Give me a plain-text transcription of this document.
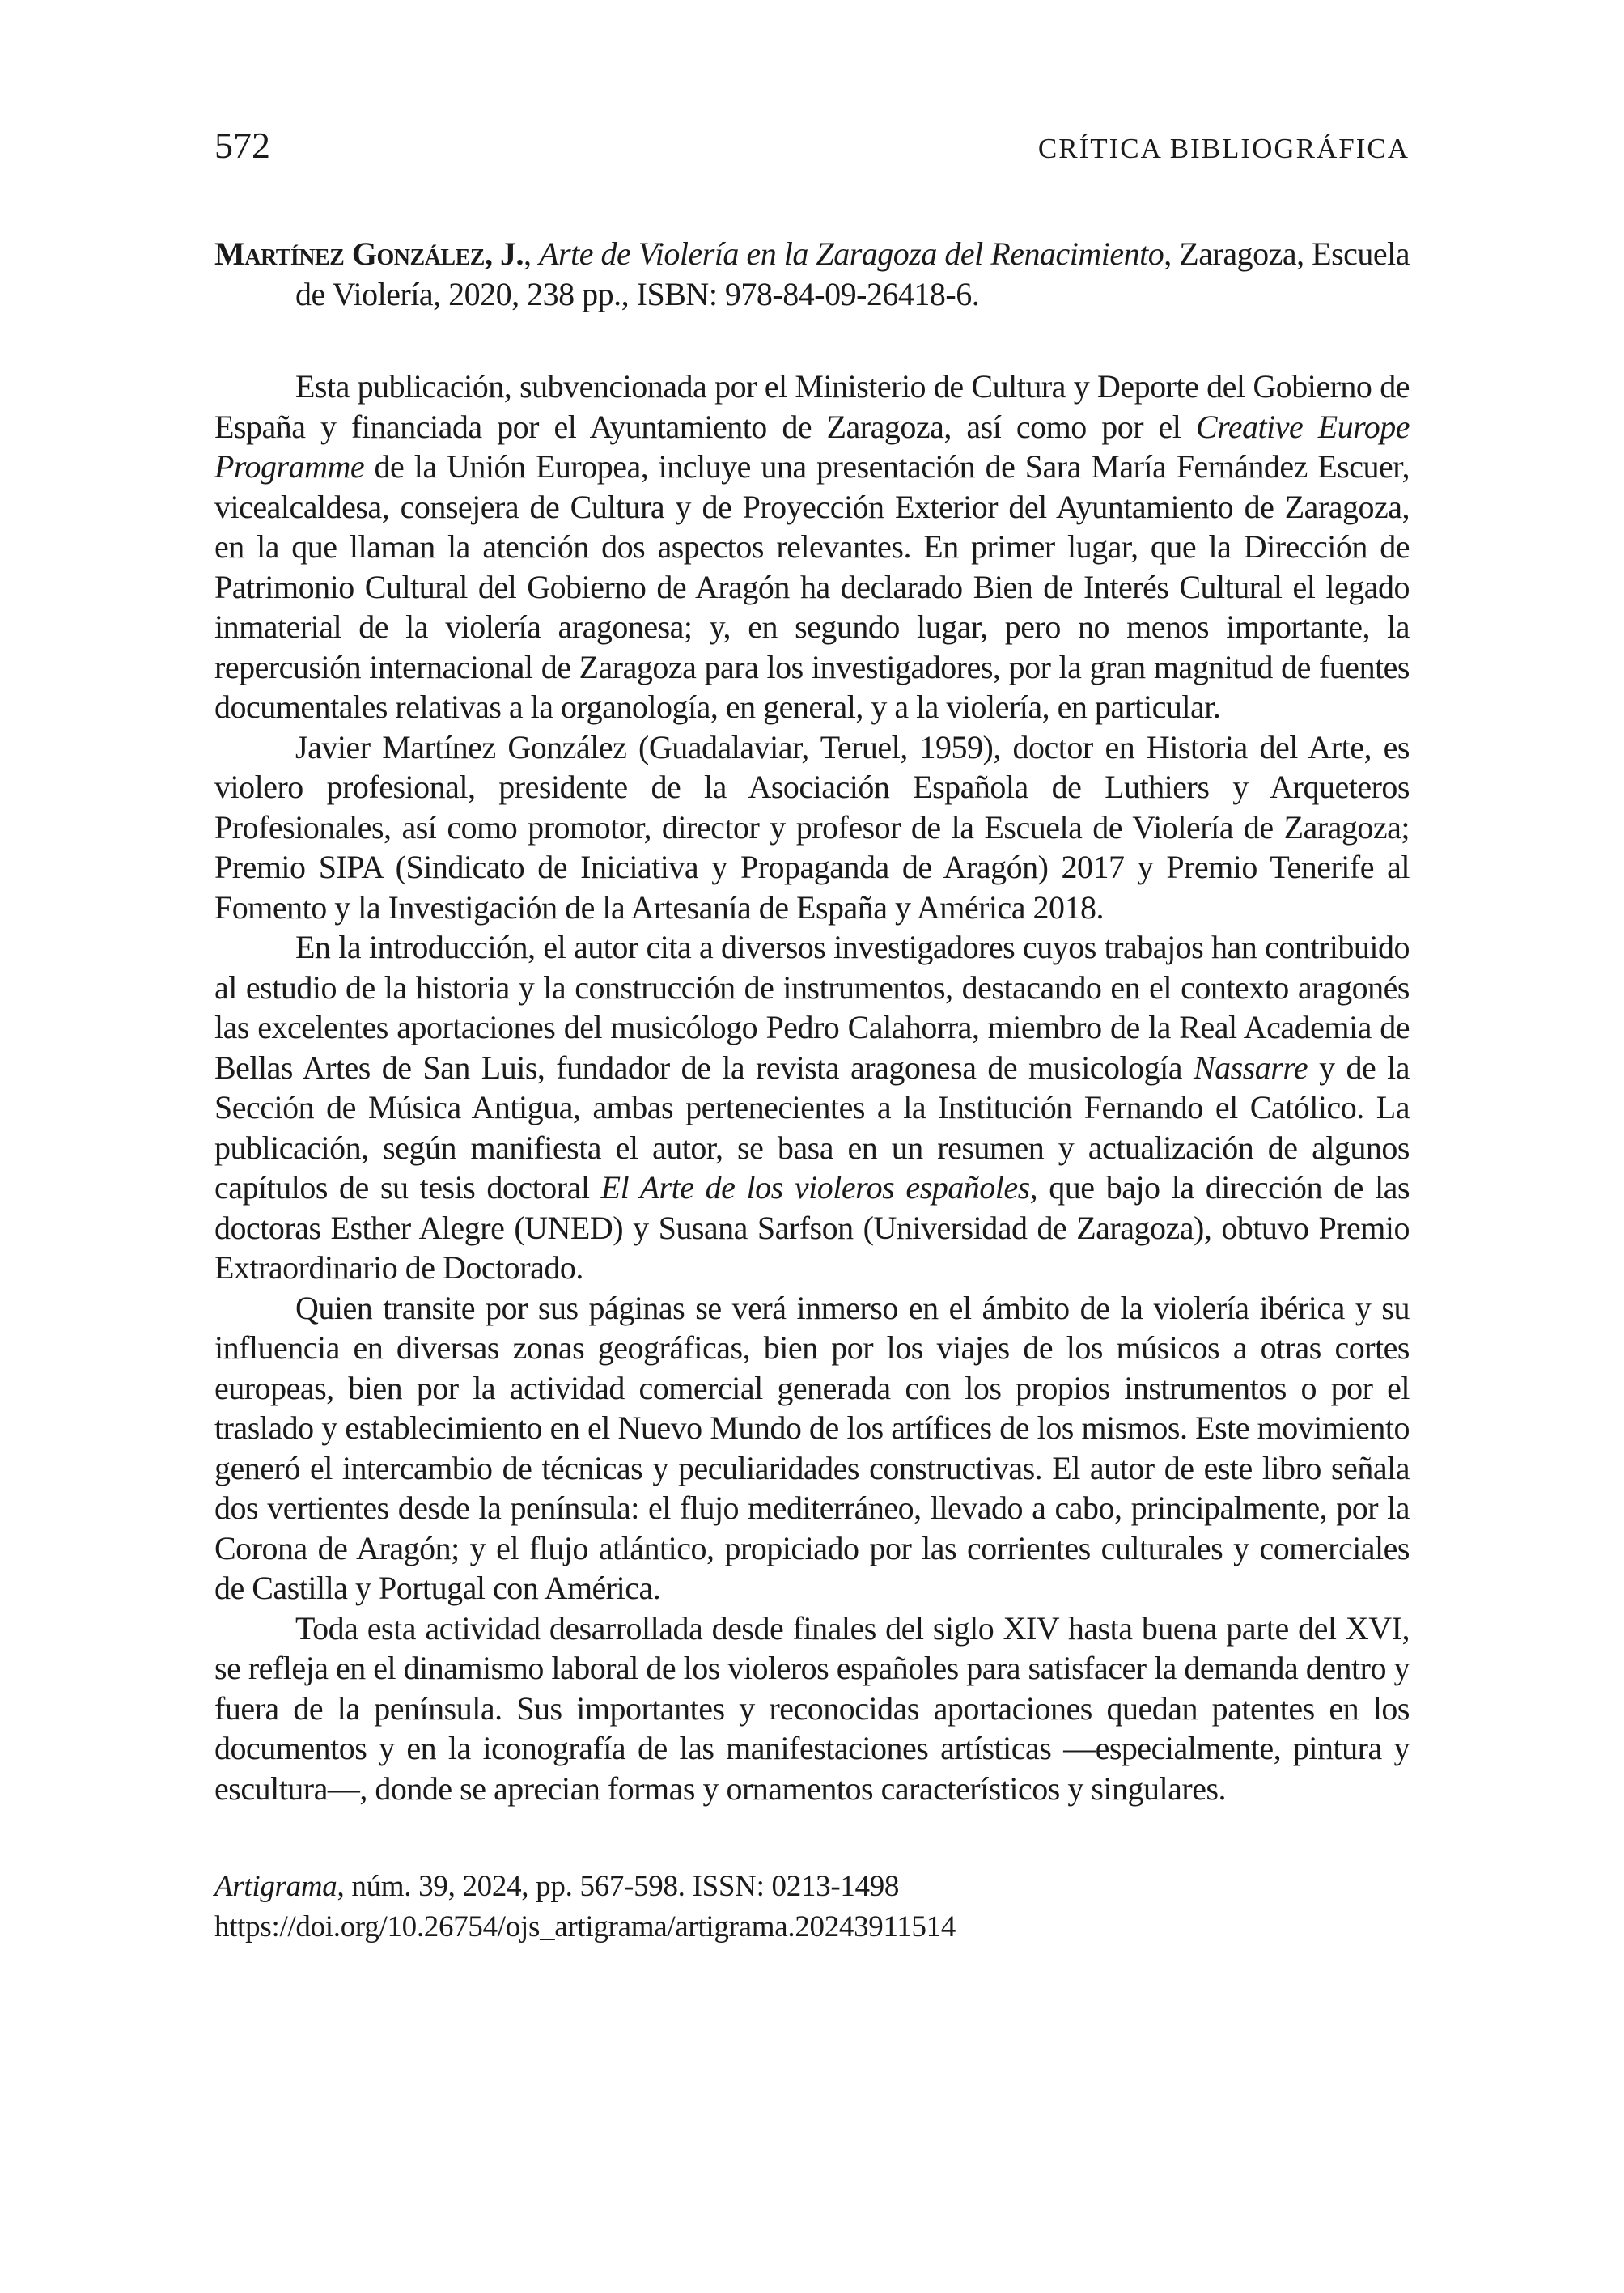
572	CRÍTICA BIBLIOGRÁFICA

Martínez González, J., Arte de Violería en la Zaragoza del Renacimiento, Zaragoza, Escuela de Violería, 2020, 238 pp., ISBN: 978-84-09-26418-6.

Esta publicación, subvencionada por el Ministerio de Cultura y Deporte del Gobierno de España y financiada por el Ayuntamiento de Zaragoza, así como por el Creative Europe Programme de la Unión Europea, incluye una presentación de Sara María Fernández Escuer, vicealcaldesa, consejera de Cultura y de Proyección Exterior del Ayuntamiento de Zaragoza, en la que llaman la atención dos aspectos relevantes. En primer lugar, que la Dirección de Patrimonio Cultural del Gobierno de Aragón ha declarado Bien de Interés Cultural el legado inmaterial de la violería aragonesa; y, en segundo lugar, pero no menos importante, la repercusión internacional de Zaragoza para los investigadores, por la gran magnitud de fuentes documentales relativas a la organología, en general, y a la violería, en particular.

Javier Martínez González (Guadalaviar, Teruel, 1959), doctor en Historia del Arte, es violero profesional, presidente de la Asociación Española de Luthiers y Arqueteros Profesionales, así como promotor, director y profesor de la Escuela de Violería de Zaragoza; Premio SIPA (Sindicato de Iniciativa y Propaganda de Aragón) 2017 y Premio Tenerife al Fomento y la Investigación de la Artesanía de España y América 2018.

En la introducción, el autor cita a diversos investigadores cuyos trabajos han contribuido al estudio de la historia y la construcción de instrumentos, destacando en el contexto aragonés las excelentes aportaciones del musicólogo Pedro Calahorra, miembro de la Real Academia de Bellas Artes de San Luis, fundador de la revista aragonesa de musicología Nassarre y de la Sección de Música Antigua, ambas pertenecientes a la Institución Fernando el Católico. La publicación, según manifiesta el autor, se basa en un resumen y actualización de algunos capítulos de su tesis doctoral El Arte de los violeros españoles, que bajo la dirección de las doctoras Esther Alegre (UNED) y Susana Sarfson (Universidad de Zaragoza), obtuvo Premio Extraordinario de Doctorado.

Quien transite por sus páginas se verá inmerso en el ámbito de la violería ibérica y su influencia en diversas zonas geográficas, bien por los viajes de los músicos a otras cortes europeas, bien por la actividad comercial generada con los propios instrumentos o por el traslado y establecimiento en el Nuevo Mundo de los artífices de los mismos. Este movimiento generó el intercambio de técnicas y peculiaridades constructivas. El autor de este libro señala dos vertientes desde la península: el flujo mediterráneo, llevado a cabo, principalmente, por la Corona de Aragón; y el flujo atlántico, propiciado por las corrientes culturales y comerciales de Castilla y Portugal con América.

Toda esta actividad desarrollada desde finales del siglo XIV hasta buena parte del XVI, se refleja en el dinamismo laboral de los violeros españoles para satisfacer la demanda dentro y fuera de la península. Sus importantes y reconocidas aportaciones quedan patentes en los documentos y en la iconografía de las manifestaciones artísticas —especialmente, pintura y escultura—, donde se aprecian formas y ornamentos característicos y singulares.

Artigrama, núm. 39, 2024, pp. 567-598. ISSN: 0213-1498
https://doi.org/10.26754/ojs_artigrama/artigrama.20243911514
